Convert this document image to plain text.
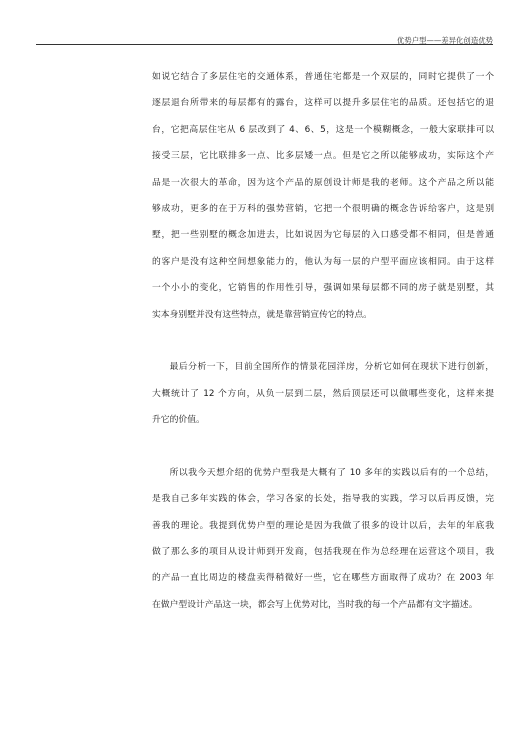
优势户型——差异化创造优势
如说它结合了多层住宅的交通体系，普通住宅都是一个双层的，同时它提供了一个
逐层退台所带来的每层都有的露台，这样可以提升多层住宅的品质。还包括它的退
台，它把高层住宅从 6 层改到了 4、6、5，这是一个模糊概念，一般大家联排可以
接受三层，它比联排多一点、比多层矮一点。但是它之所以能够成功，实际这个产
品是一次很大的革命，因为这个产品的原创设计师是我的老师。这个产品之所以能
够成功，更多的在于万科的强势营销，它把一个很明确的概念告诉给客户，这是别
墅，把一些别墅的概念加进去，比如说因为它每层的入口感受都不相同，但是普通
的客户是没有这种空间想象能力的，他认为每一层的户型平面应该相同。由于这样
一个小小的变化，它销售的作用性引导，强调如果每层都不同的房子就是别墅，其
实本身别墅并没有这些特点，就是靠营销宣传它的特点。
最后分析一下，目前全国所作的情景花园洋房，分析它如何在现状下进行创新，
大概统计了 12 个方向，从负一层到二层，然后顶层还可以做哪些变化，这样来提
升它的价值。
所以我今天想介绍的优势户型我是大概有了 10 多年的实践以后有的一个总结，
是我自己多年实践的体会，学习各家的长处，指导我的实践，学习以后再反馈，完
善我的理论。我提到优势户型的理论是因为我做了很多的设计以后，去年的年底我
做了那么多的项目从设计师到开发商，包括我现在作为总经理在运营这个项目，我
的产品一直比周边的楼盘卖得稍微好一些，它在哪些方面取得了成功？在 2003 年
在做户型设计产品这一块，都会写上优势对比，当时我的每一个产品都有文字描述。
